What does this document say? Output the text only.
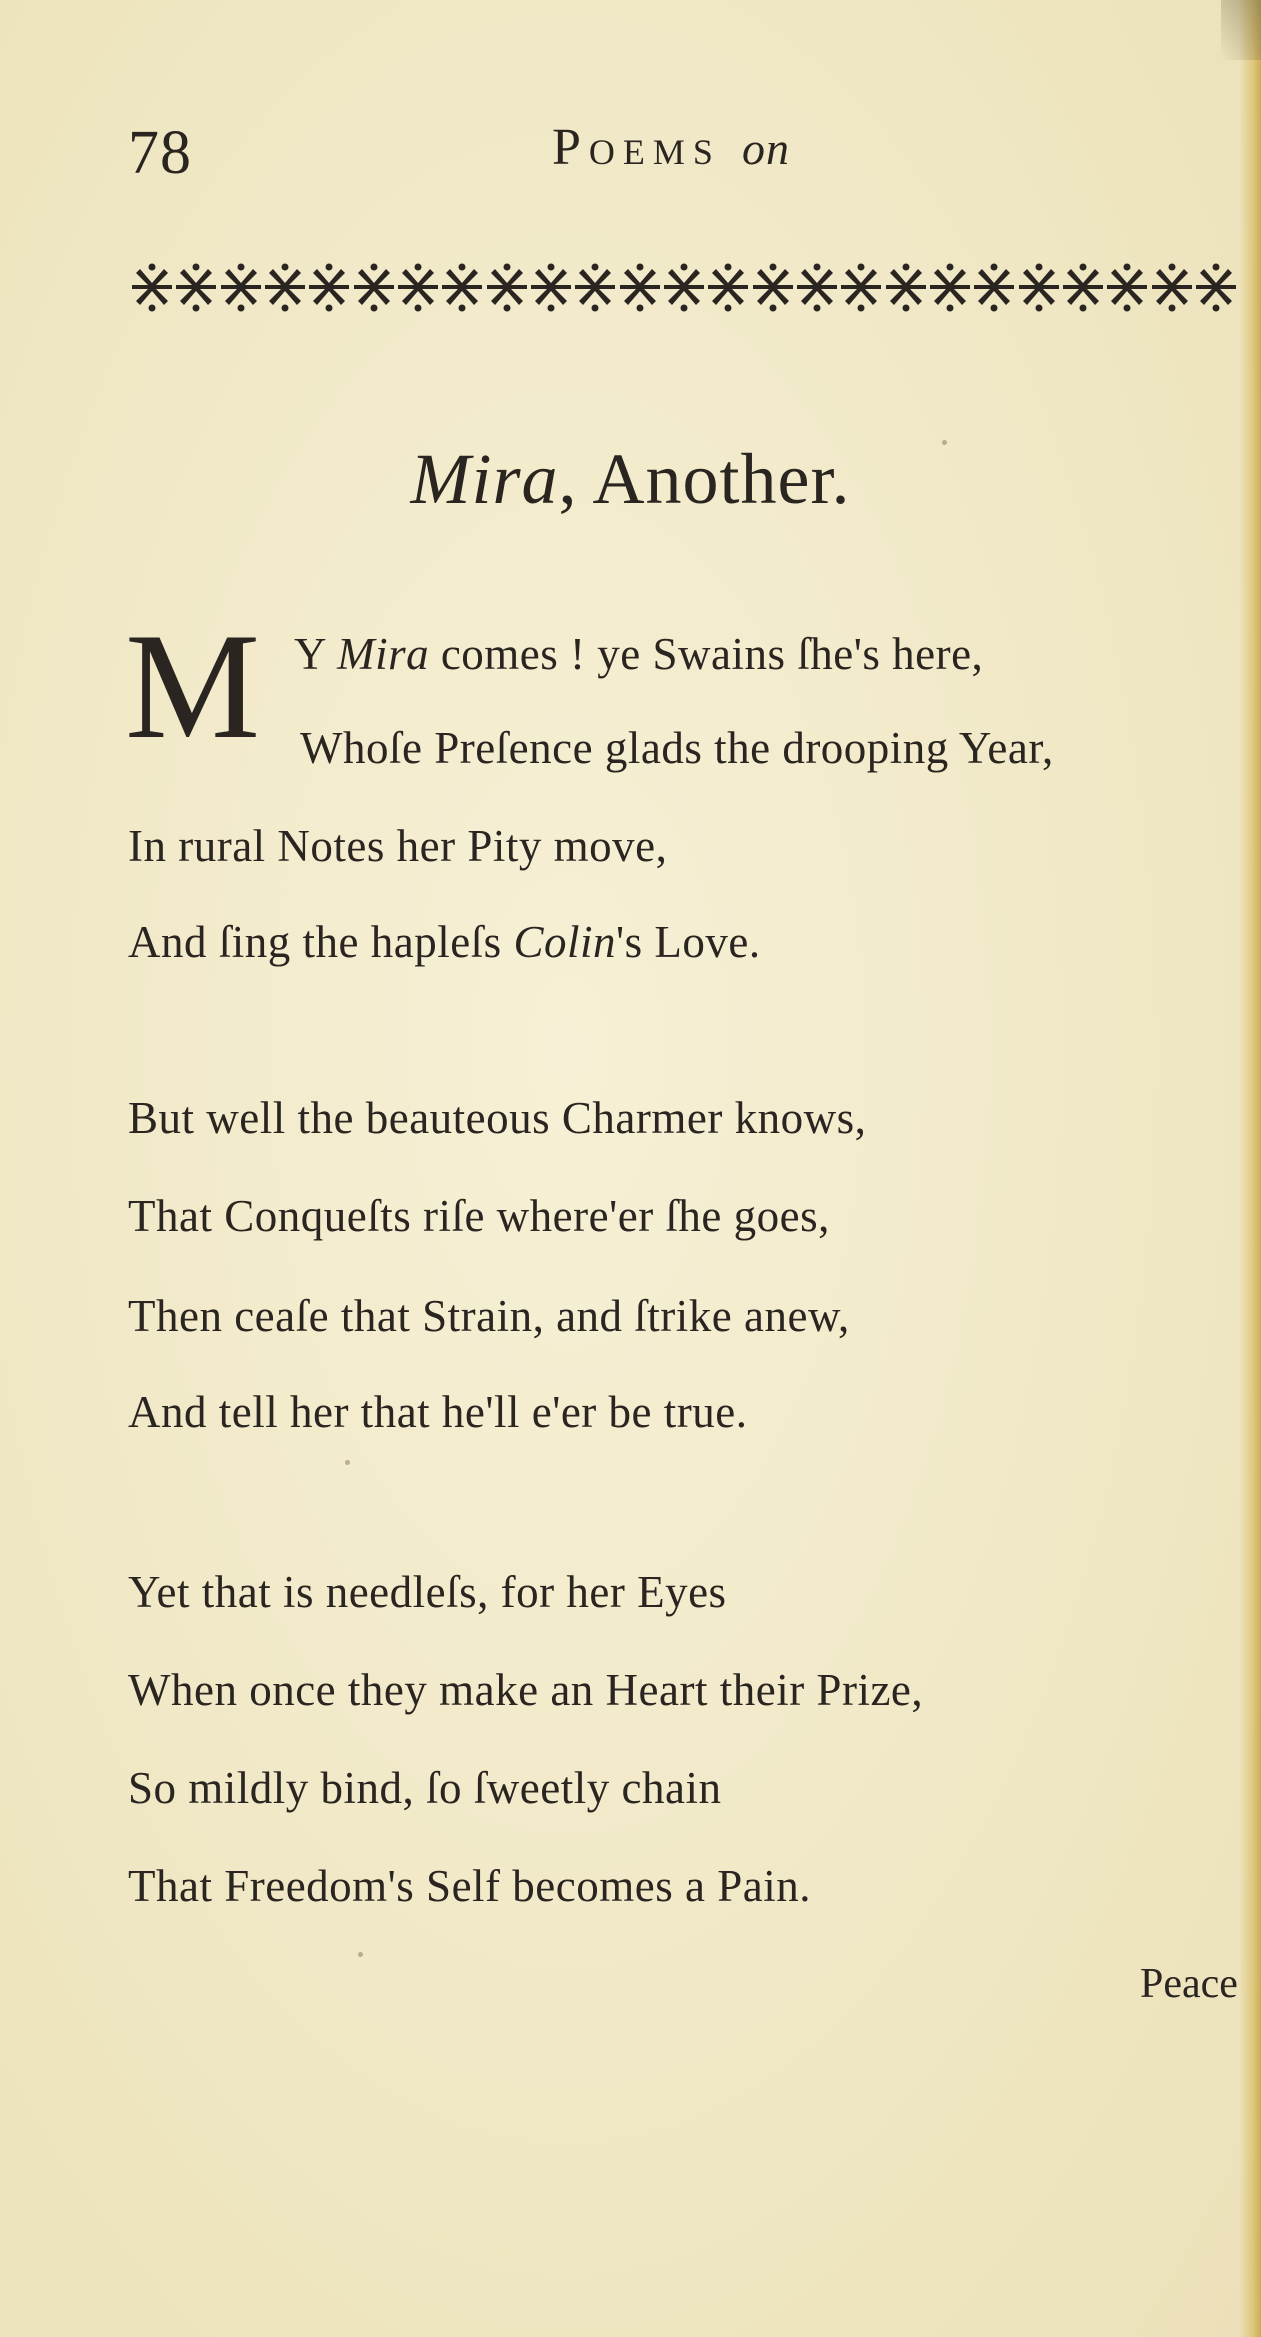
78	Poems on
Mira, Another.
M Y Mira comes ! ye Swains ſhe's here,
Whoſe Preſence glads the drooping Year,
In rural Notes her Pity move,
And ſing the hapleſs Colin's Love.
But well the beauteous Charmer knows,
That Conqueſts riſe where'er ſhe goes,
Then ceaſe that Strain, and ſtrike anew,
And tell her that he'll e'er be true.
Yet that is needleſs, for her Eyes
When once they make an Heart their Prize,
So mildly bind, ſo ſweetly chain
That Freedom's Self becomes a Pain.
Peace
